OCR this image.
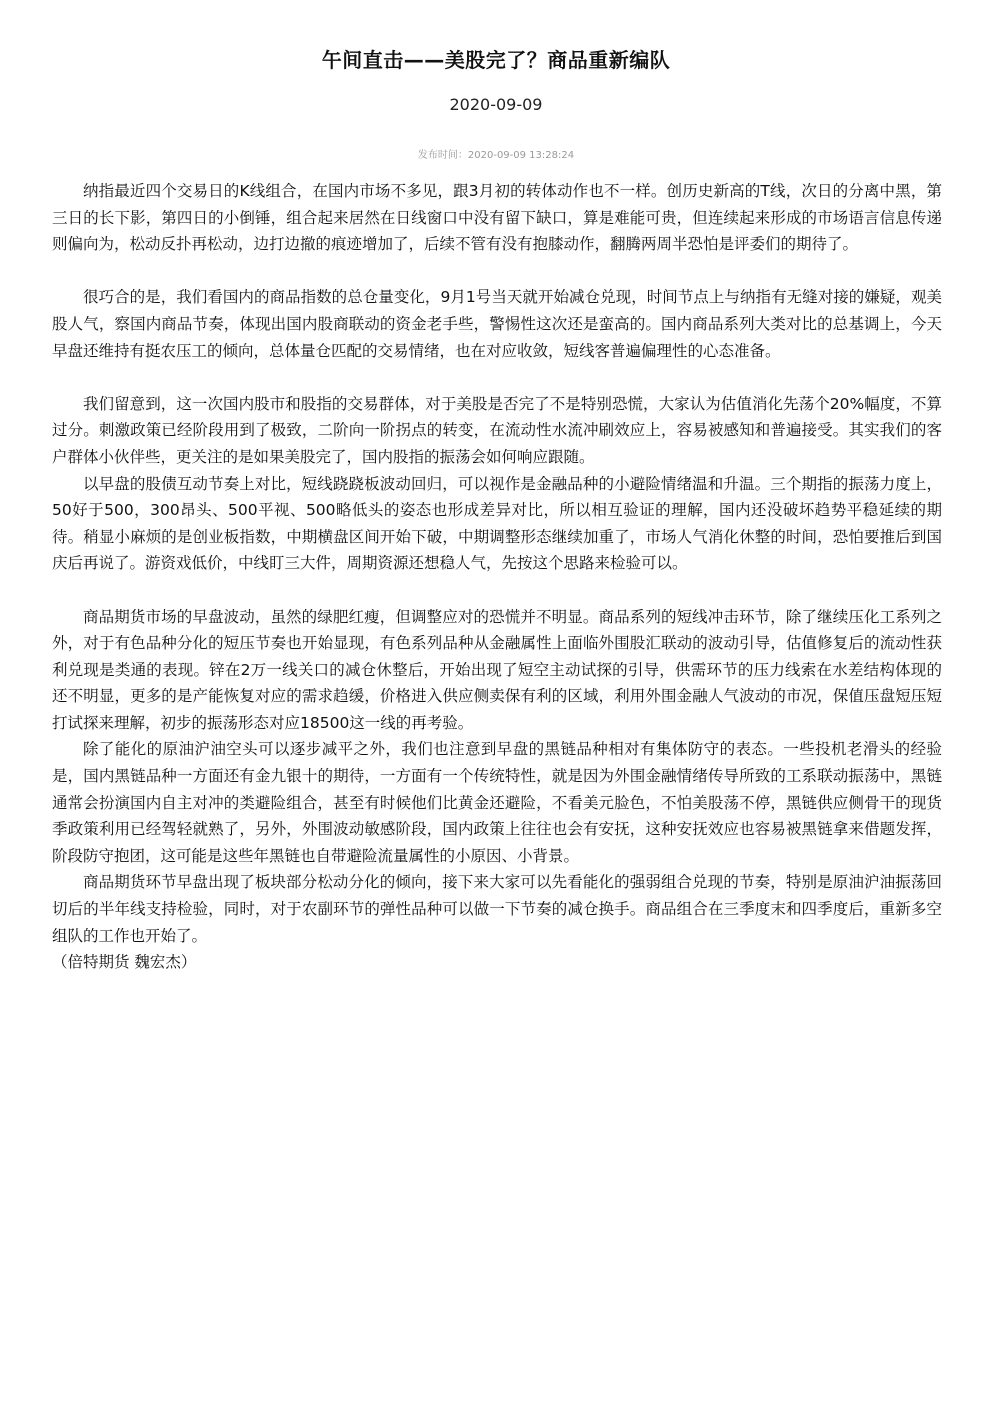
午间直击——美股完了？商品重新编队
2020-09-09
发布时间：2020-09-09 13:28:24

纳指最近四个交易日的K线组合，在国内市场不多见，跟3月初的转体动作也不一样。创历史新高的T线，次日的分离中黑，第三日的长下影，第四日的小倒锤，组合起来居然在日线窗口中没有留下缺口，算是难能可贵，但连续起来形成的市场语言信息传递则偏向为，松动反扑再松动，边打边撤的痕迹增加了，后续不管有没有抱膝动作，翻腾两周半恐怕是评委们的期待了。

很巧合的是，我们看国内的商品指数的总仓量变化，9月1号当天就开始减仓兑现，时间节点上与纳指有无缝对接的嫌疑，观美股人气，察国内商品节奏，体现出国内股商联动的资金老手些，警惕性这次还是蛮高的。国内商品系列大类对比的总基调上，今天早盘还维持有挺农压工的倾向，总体量仓匹配的交易情绪，也在对应收敛，短线客普遍偏理性的心态准备。

我们留意到，这一次国内股市和股指的交易群体，对于美股是否完了不是特别恐慌，大家认为估值消化先荡个20%幅度，不算过分。刺激政策已经阶段用到了极致，二阶向一阶拐点的转变，在流动性水流冲刷效应上，容易被感知和普遍接受。其实我们的客户群体小伙伴些，更关注的是如果美股完了，国内股指的振荡会如何响应跟随。

以早盘的股债互动节奏上对比，短线跷跷板波动回归，可以视作是金融品种的小避险情绪温和升温。三个期指的振荡力度上，50好于500，300昂头、500平视、500略低头的姿态也形成差异对比，所以相互验证的理解，国内还没破坏趋势平稳延续的期待。稍显小麻烦的是创业板指数，中期横盘区间开始下破，中期调整形态继续加重了，市场人气消化休整的时间，恐怕要推后到国庆后再说了。游资戏低价，中线盯三大件，周期资源还想稳人气，先按这个思路来检验可以。

商品期货市场的早盘波动，虽然的绿肥红瘦，但调整应对的恐慌并不明显。商品系列的短线冲击环节，除了继续压化工系列之外，对于有色品种分化的短压节奏也开始显现，有色系列品种从金融属性上面临外围股汇联动的波动引导，估值修复后的流动性获利兑现是类通的表现。锌在2万一线关口的减仓休整后，开始出现了短空主动试探的引导，供需环节的压力线索在水差结构体现的还不明显，更多的是产能恢复对应的需求趋缓，价格进入供应侧卖保有利的区域，利用外围金融人气波动的市况，保值压盘短压短打试探来理解，初步的振荡形态对应18500这一线的再考验。

除了能化的原油沪油空头可以逐步减平之外，我们也注意到早盘的黑链品种相对有集体防守的表态。一些投机老滑头的经验是，国内黑链品种一方面还有金九银十的期待，一方面有一个传统特性，就是因为外围金融情绪传导所致的工系联动振荡中，黑链通常会扮演国内自主对冲的类避险组合，甚至有时候他们比黄金还避险，不看美元脸色，不怕美股荡不停，黑链供应侧骨干的现货季政策利用已经驾轻就熟了，另外，外围波动敏感阶段，国内政策上往往也会有安抚，这种安抚效应也容易被黑链拿来借题发挥，阶段防守抱团，这可能是这些年黑链也自带避险流量属性的小原因、小背景。

商品期货环节早盘出现了板块部分松动分化的倾向，接下来大家可以先看能化的强弱组合兑现的节奏，特别是原油沪油振荡回切后的半年线支持检验，同时，对于农副环节的弹性品种可以做一下节奏的减仓换手。商品组合在三季度末和四季度后，重新多空组队的工作也开始了。

（倍特期货 魏宏杰）
